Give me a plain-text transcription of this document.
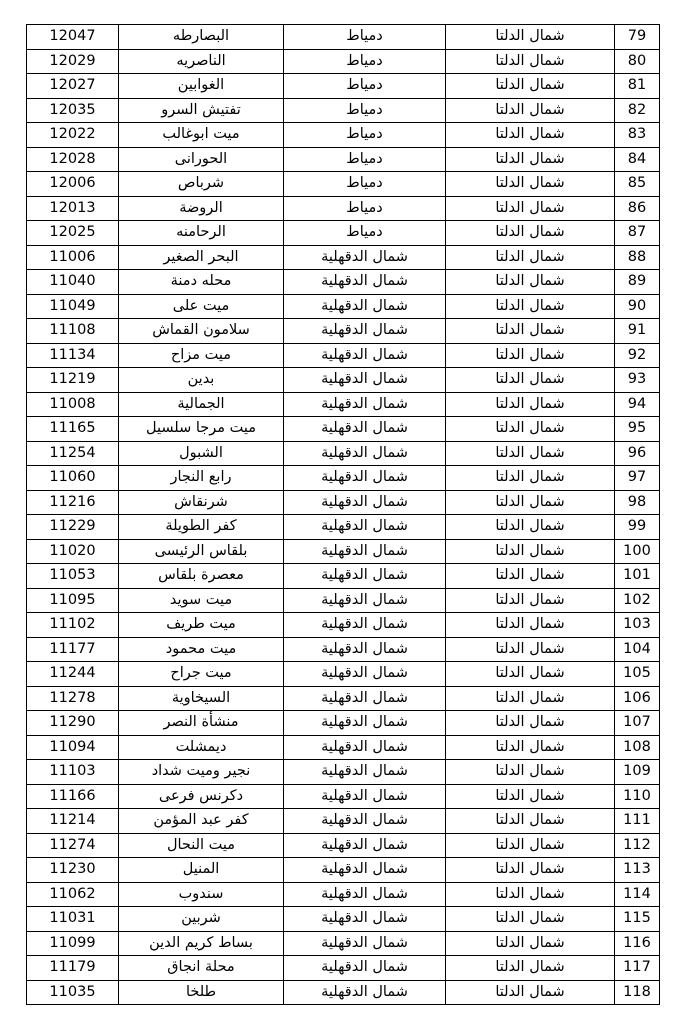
12047	البصارطه	دمياط	شمال الدلتا	79
12029	الناصريه	دمياط	شمال الدلتا	80
12027	الغوابين	دمياط	شمال الدلتا	81
12035	تفتيش السرو	دمياط	شمال الدلتا	82
12022	ميت ابوغالب	دمياط	شمال الدلتا	83
12028	الحورانى	دمياط	شمال الدلتا	84
12006	شرباص	دمياط	شمال الدلتا	85
12013	الروضة	دمياط	شمال الدلتا	86
12025	الرحامنه	دمياط	شمال الدلتا	87
11006	البحر الصغير	شمال الدقهلية	شمال الدلتا	88
11040	محله دمنة	شمال الدقهلية	شمال الدلتا	89
11049	ميت على	شمال الدقهلية	شمال الدلتا	90
11108	سلامون القماش	شمال الدقهلية	شمال الدلتا	91
11134	ميت مزاح	شمال الدقهلية	شمال الدلتا	92
11219	بدين	شمال الدقهلية	شمال الدلتا	93
11008	الجمالية	شمال الدقهلية	شمال الدلتا	94
11165	ميت مرجا سلسيل	شمال الدقهلية	شمال الدلتا	95
11254	الشبول	شمال الدقهلية	شمال الدلتا	96
11060	رابع النجار	شمال الدقهلية	شمال الدلتا	97
11216	شرنقاش	شمال الدقهلية	شمال الدلتا	98
11229	كفر الطويلة	شمال الدقهلية	شمال الدلتا	99
11020	بلقاس الرئيسى	شمال الدقهلية	شمال الدلتا	100
11053	معصرة بلقاس	شمال الدقهلية	شمال الدلتا	101
11095	ميت سويد	شمال الدقهلية	شمال الدلتا	102
11102	ميت طريف	شمال الدقهلية	شمال الدلتا	103
11177	ميت محمود	شمال الدقهلية	شمال الدلتا	104
11244	ميت جراح	شمال الدقهلية	شمال الدلتا	105
11278	السيخاوية	شمال الدقهلية	شمال الدلتا	106
11290	منشأة النصر	شمال الدقهلية	شمال الدلتا	107
11094	ديمشلت	شمال الدقهلية	شمال الدلتا	108
11103	نجير وميت شداد	شمال الدقهلية	شمال الدلتا	109
11166	دكرنس فرعى	شمال الدقهلية	شمال الدلتا	110
11214	كفر عبد المؤمن	شمال الدقهلية	شمال الدلتا	111
11274	ميت النحال	شمال الدقهلية	شمال الدلتا	112
11230	المنيل	شمال الدقهلية	شمال الدلتا	113
11062	سندوب	شمال الدقهلية	شمال الدلتا	114
11031	شربين	شمال الدقهلية	شمال الدلتا	115
11099	بساط كريم الدين	شمال الدقهلية	شمال الدلتا	116
11179	محلة انجاق	شمال الدقهلية	شمال الدلتا	117
11035	طلخا	شمال الدقهلية	شمال الدلتا	118
